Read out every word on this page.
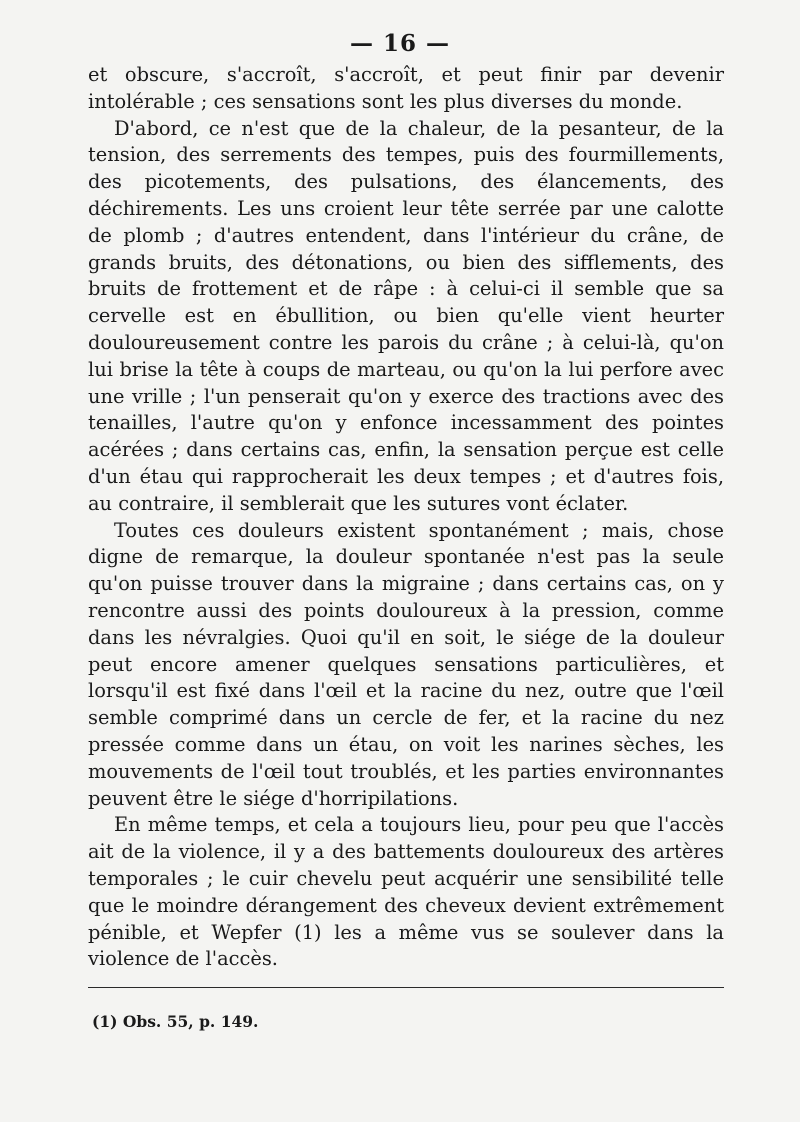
— 16 —

et obscure, s'accroît, s'accroît, et peut finir par devenir intolérable ; ces sensations sont les plus diverses du monde.

D'abord, ce n'est que de la chaleur, de la pesanteur, de la tension, des serrements des tempes, puis des fourmillements, des picotements, des pulsations, des élancements, des déchirements. Les uns croient leur tête serrée par une calotte de plomb ; d'autres entendent, dans l'intérieur du crâne, de grands bruits, des détonations, ou bien des sifflements, des bruits de frottement et de râpe : à celui-ci il semble que sa cervelle est en ébullition, ou bien qu'elle vient heurter douloureusement contre les parois du crâne ; à celui-là, qu'on lui brise la tête à coups de marteau, ou qu'on la lui perfore avec une vrille ; l'un penserait qu'on y exerce des tractions avec des tenailles, l'autre qu'on y enfonce incessamment des pointes acérées ; dans certains cas, enfin, la sensation perçue est celle d'un étau qui rapprocherait les deux tempes ; et d'autres fois, au contraire, il semblerait que les sutures vont éclater.

Toutes ces douleurs existent spontanément ; mais, chose digne de remarque, la douleur spontanée n'est pas la seule qu'on puisse trouver dans la migraine ; dans certains cas, on y rencontre aussi des points douloureux à la pression, comme dans les névralgies. Quoi qu'il en soit, le siége de la douleur peut encore amener quelques sensations particulières, et lorsqu'il est fixé dans l'œil et la racine du nez, outre que l'œil semble comprimé dans un cercle de fer, et la racine du nez pressée comme dans un étau, on voit les narines sèches, les mouvements de l'œil tout troublés, et les parties environnantes peuvent être le siége d'horripilations.

En même temps, et cela a toujours lieu, pour peu que l'accès ait de la violence, il y a des battements douloureux des artères temporales ; le cuir chevelu peut acquérir une sensibilité telle que le moindre dérangement des cheveux devient extrêmement pénible, et Wepfer (1) les a même vus se soulever dans la violence de l'accès.

(1) Obs. 55, p. 149.
